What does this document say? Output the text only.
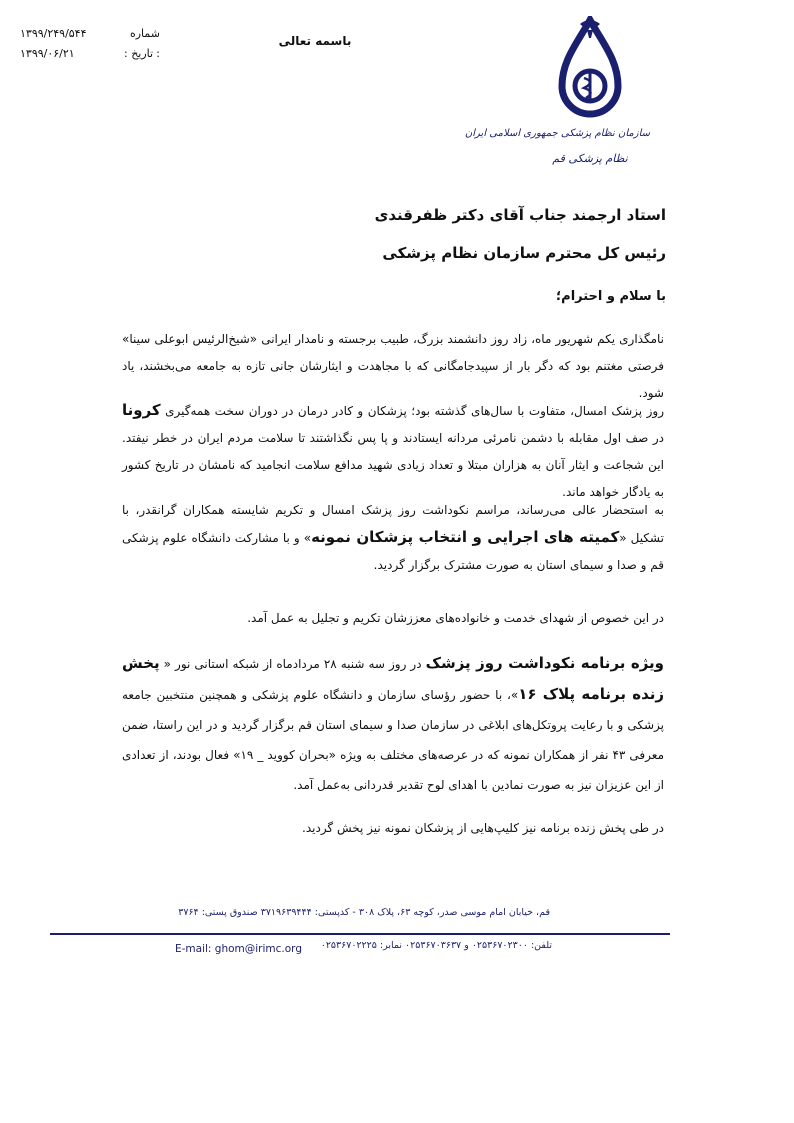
۱۳۹۹/۲۴۹/۵۴۴	شماره :
۱۳۹۹/۰۶/۲۱	تاریخ :
باسمه تعالی
سازمان نظام پزشکی جمهوری اسلامی ایران
نظام پزشکی قم
استاد ارجمند جناب آقای دکتر ظفرقندی
رئیس کل محترم سازمان نظام پزشکی
با سلام و احترام؛
نامگذاری یکم شهریور ماه، زاد روز دانشمند بزرگ، طبیب برجسته و نامدار ایرانی «شیخ‌الرئیس ابوعلی سینا» فرصتی مغتنم بود که دگر بار از سپیدجامگانی که با مجاهدت و ایثارشان جانی تازه به جامعه می‌بخشند، یاد شود.
روز پزشک امسال، متفاوت با سال‌های گذشته بود؛ پزشکان و کادر درمان در دوران سخت همه‌گیری کرونا در صف اول مقابله با دشمن نامرئی مردانه ایستادند و پا پس نگذاشتند تا سلامت مردم ایران در خطر نیفتد. این شجاعت و ایثار آنان به هزاران مبتلا و تعداد زیادی شهید مدافع سلامت انجامید که نامشان در تاریخ کشور به یادگار خواهد ماند.
به استحضار عالی می‌رساند، مراسم نکوداشت روز پزشک امسال و تکریم شایسته همکاران گرانقدر، با تشکیل «کمیته های اجرایی و انتخاب پزشکان نمونه» و با مشارکت دانشگاه علوم پزشکی قم و صدا و سیمای استان به صورت مشترک برگزار گردید.
در این خصوص از شهدای خدمت و خانواده‌های معززشان تکریم و تجلیل به عمل آمد.
ویژه برنامه نکوداشت روز پزشک در روز سه شنبه ۲۸ مردادماه از شبکه استانی نور « پخش زنده برنامه پلاک ۱۶»، با حضور رؤسای سازمان و دانشگاه علوم پزشکی و همچنین منتخبین جامعه پزشکی و با رعایت پروتکل‌های ابلاغی در سازمان صدا و سیمای استان قم برگزار گردید و در این راستا، ضمن معرفی ۴۳ نفر از همکاران نمونه که در عرصه‌های مختلف به ویژه «بحران کووید _ ۱۹» فعال بودند، از تعدادی از این عزیزان نیز به صورت نمادین با اهدای لوح تقدیر قدردانی به‌عمل آمد.
در طی پخش زنده برنامه نیز کلیپ‌هایی از پزشکان نمونه نیز پخش گردید.
قم، خیابان امام موسی صدر، کوچه ۶۳، پلاک ۳۰۸ - کدپستی: ۳۷۱۹۶۳۹۴۴۴ صندوق پستی: ۳۷۶۴
تلفن: ۰۲۵۳۶۷۰۲۳۰۰ و ۰۲۵۳۶۷۰۳۶۳۷ نمابر: ۰۲۵۳۶۷۰۲۲۲۵
E-mail: ghom@irimc.org
